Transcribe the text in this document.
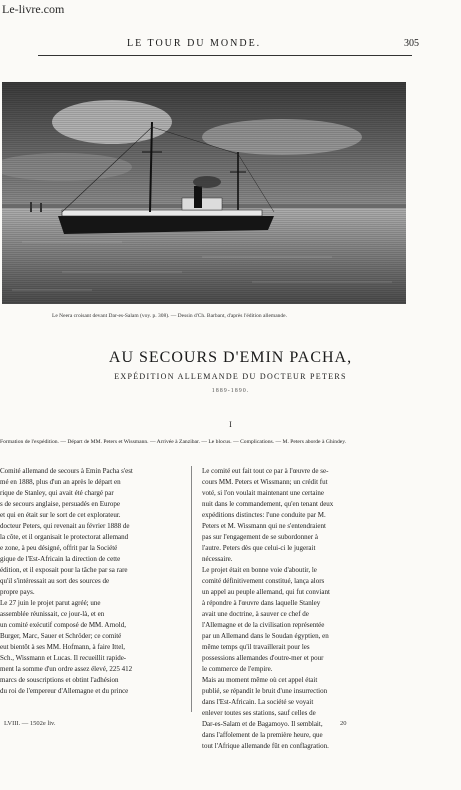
Le-livre.com
LE TOUR DU MONDE.	305
Le Neera croisant devant Dar-es-Salam (voy. p. 308). — Dessin d'Ch. Barbant, d'après l'édition allemande.
AU SECOURS D'EMIN PACHA,
EXPÉDITION ALLEMANDE DU DOCTEUR PETERS
1889-1890.
I
Formation de l'expédition. — Départ de MM. Peters et Wissmann. — Arrivée à Zanzibar. — Le blocus. — Complications. — M. Peters aborde à Ghindey.
Comité allemand de secours à Emin Pacha s'est
mé en 1888, plus d'un an après le départ en
rique de Stanley, qui avait été chargé par
s de secours anglaise, persuadés en Europe
et qui en était sur le sort de cet explorateur.
docteur Peters, qui revenait au février 1888 de
la côte, et il organisait le protectorat allemand
e zone, à peu désigné, offrit par la Société
gique de l'Est-Africain la direction de cette
édition, et il exposait pour la tâche par sa rare
qu'il s'intéressait au sort des sources de
propre pays.
Le 27 juin le projet parut agréé; une
assemblée réunissait, ce jour-là, et en
un comité exécutif composé de MM. Arnold,
Burger, Marc, Sauer et Schröder; ce comité
eut bientôt à ses MM. Hofmann, à faire Ittel,
Sch., Wissmann et Lucas. Il recueillit rapide-
ment la somme d'un ordre assez élevé, 225 412
marcs de souscriptions et obtint l'adhésion
du roi de l'empereur d'Allemagne et du prince
Le comité eut fait tout ce par à l'œuvre de se-
cours MM. Peters et Wissmann; un crédit fut
voté, si l'on voulait maintenant une certaine
nuit dans le commandement, qu'en tenant deux
expéditions distinctes: l'une conduite par M.
Peters et M. Wissmann qui ne s'entendraient
pas sur l'engagement de se subordonner à
l'autre. Peters dès que celui-ci le jugerait
nécessaire.
Le projet était en bonne voie d'aboutir, le
comité définitivement constitué, lança alors
un appel au peuple allemand, qui fut conviant
à répondre à l'œuvre dans laquelle Stanley
avait une doctrine, à sauver ce chef de
l'Allemagne et de la civilisation représentée
par un Allemand dans le Soudan égyptien, en
même temps qu'il travaillerait pour les
possessions allemandes d'outre-mer et pour
le commerce de l'empire.
Mais au moment même où cet appel était
publié, se répandit le bruit d'une insurrection
dans l'Est-Africain. La société se voyait
enlever toutes ses stations, sauf celles de
Dar-es-Salam et de Bagamoyo. Il semblait,
dans l'affolement de la première heure, que
tout l'Afrique allemande fût en conflagration.
LVIII. — 1502e liv.	20
